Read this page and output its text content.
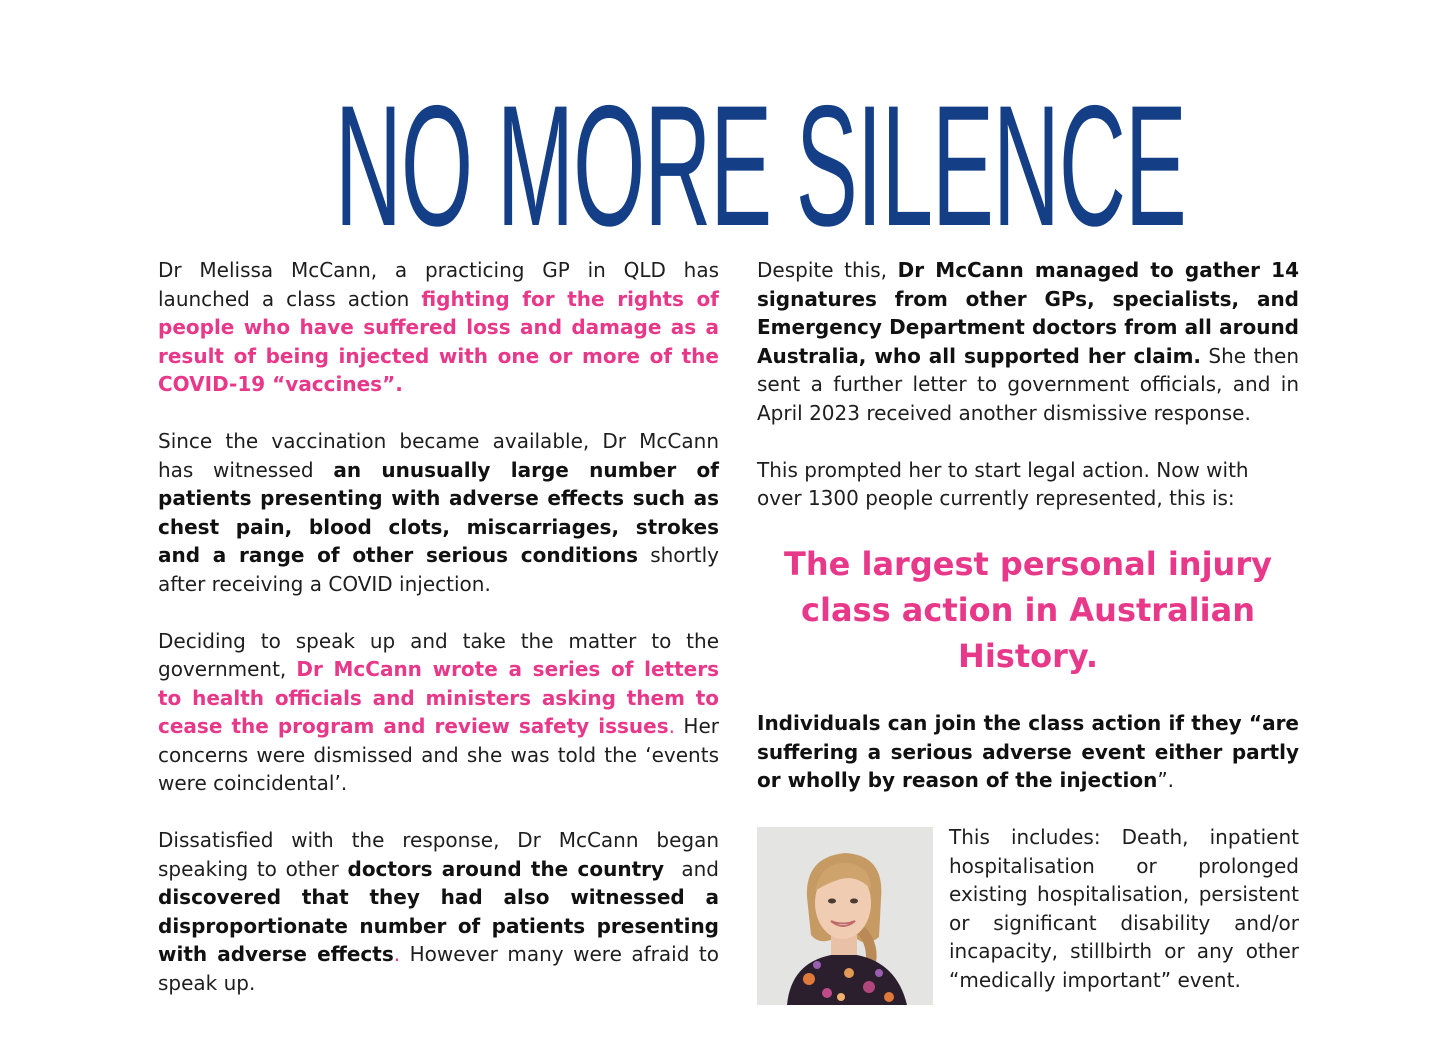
NO MORE SILENCE

Dr Melissa McCann, a practicing GP in QLD has launched a class action fighting for the rights of people who have suffered loss and damage as a result of being injected with one or more of the COVID-19 “vaccines”.

Since the vaccination became available, Dr McCann has witnessed an unusually large number of patients presenting with adverse effects such as chest pain, blood clots, miscarriages, strokes and a range of other serious conditions shortly after receiving a COVID injection.

Deciding to speak up and take the matter to the government, Dr McCann wrote a series of letters to health officials and ministers asking them to cease the program and review safety issues. Her concerns were dismissed and she was told the ‘events were coincidental’.

Dissatisfied with the response, Dr McCann began speaking to other doctors around the country  and discovered that they had also witnessed a disproportionate number of patients presenting with adverse effects. However many were afraid to speak up.

Despite this, Dr McCann managed to gather 14 signatures from other GPs, specialists, and Emergency Department doctors from all around Australia, who all supported her claim. She then sent a further letter to government officials, and in April 2023 received another dismissive response.

This prompted her to start legal action. Now with over 1300 people currently represented, this is:

The largest personal injury class action in Australian History.

Individuals can join the class action if they “are suffering a serious adverse event either partly or wholly by reason of the injection”.

This includes: Death, inpatient hospitalisation or prolonged existing hospitalisation, persistent or significant disability and/or incapacity, stillbirth or any other “medically important” event.
